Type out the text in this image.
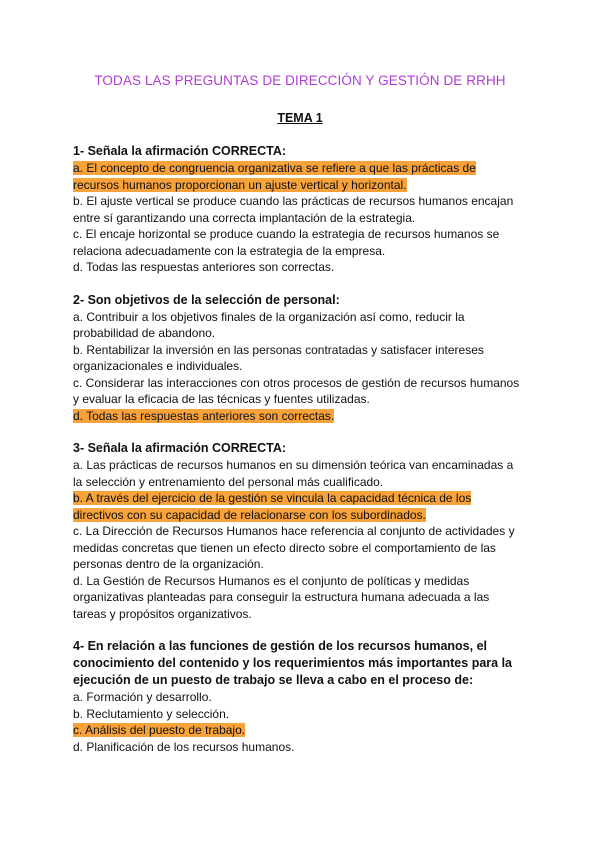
TODAS LAS PREGUNTAS DE DIRECCIÓN Y GESTIÓN DE RRHH
TEMA 1

1- Señala la afirmación CORRECTA:

a. El concepto de congruencia organizativa se refiere a que las prácticas de

recursos humanos proporcionan un ajuste vertical y horizontal.

b. El ajuste vertical se produce cuando las prácticas de recursos humanos encajan

entre sí garantizando una correcta implantación de la estrategia.

c. El encaje horizontal se produce cuando la estrategia de recursos humanos se

relaciona adecuadamente con la estrategia de la empresa.

d. Todas las respuestas anteriores son correctas.

2- Son objetivos de la selección de personal:

a. Contribuir a los objetivos finales de la organización así como, reducir la

probabilidad de abandono.

b. Rentabilizar la inversión en las personas contratadas y satisfacer intereses

organizacionales e individuales.

c. Considerar las interacciones con otros procesos de gestión de recursos humanos

y evaluar la eficacia de las técnicas y fuentes utilizadas.

d. Todas las respuestas anteriores son correctas.

3- Señala la afirmación CORRECTA:

a. Las prácticas de recursos humanos en su dimensión teórica van encaminadas a

la selección y entrenamiento del personal más cualificado.

b. A través del ejercicio de la gestión se vincula la capacidad técnica de los

directivos con su capacidad de relacionarse con los subordinados.

c. La Dirección de Recursos Humanos hace referencia al conjunto de actividades y

medidas concretas que tienen un efecto directo sobre el comportamiento de las

personas dentro de la organización.

d. La Gestión de Recursos Humanos es el conjunto de políticas y medidas

organizativas planteadas para conseguir la estructura humana adecuada a las

tareas y propósitos organizativos.

4- En relación a las funciones de gestión de los recursos humanos, el

conocimiento del contenido y los requerimientos más importantes para la

ejecución de un puesto de trabajo se lleva a cabo en el proceso de:

a. Formación y desarrollo.

b. Reclutamiento y selección.

c. Análisis del puesto de trabajo.

d. Planificación de los recursos humanos.
